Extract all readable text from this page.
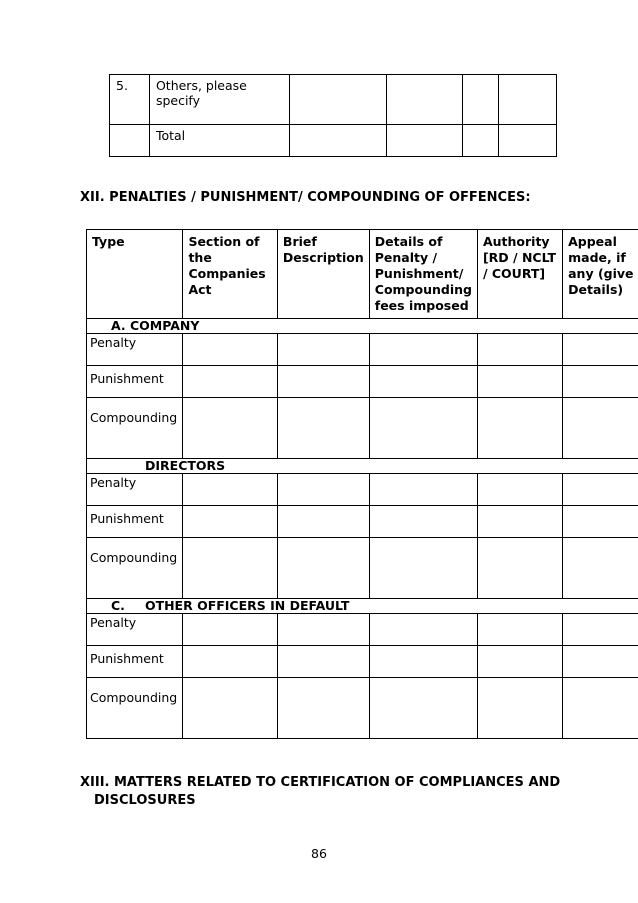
5.	Others, please specify				
	Total				
XII. PENALTIES / PUNISHMENT/ COMPOUNDING OF OFFENCES:
Type	Section of the Companies Act	Brief Description	Details of Penalty / Punishment/ Compounding fees imposed	Authority [RD / NCLT / COURT]	Appeal made, if any (give Details)
A. COMPANY					
Penalty					
Punishment					
Compounding					
DIRECTORS					
Penalty					
Punishment					
Compounding					
C. OTHER OFFICERS IN DEFAULT					
Penalty					
Punishment					
Compounding					
XIII. MATTERS RELATED TO CERTIFICATION OF COMPLIANCES AND
DISCLOSURES
86
